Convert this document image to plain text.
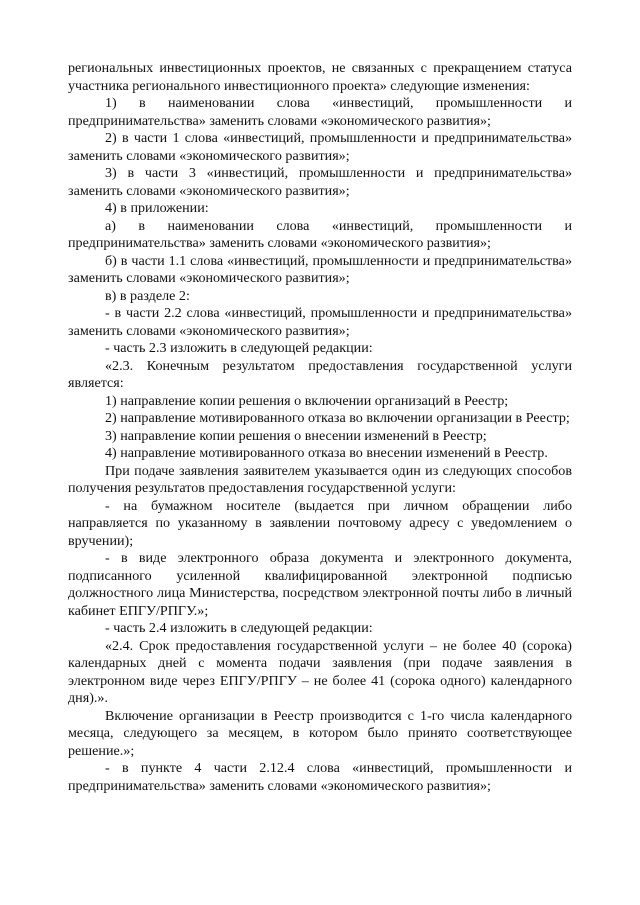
региональных инвестиционных проектов, не связанных с прекращением статуса участника регионального инвестиционного проекта» следующие изменения:

1) в наименовании слова «инвестиций, промышленности и предпринимательства» заменить словами «экономического развития»;

2) в части 1 слова «инвестиций, промышленности и предпринимательства» заменить словами «экономического развития»;

3) в части 3 «инвестиций, промышленности и предпринимательства» заменить словами «экономического развития»;

4) в приложении:

а) в наименовании слова «инвестиций, промышленности и предпринимательства» заменить словами «экономического развития»;

б) в части 1.1 слова «инвестиций, промышленности и предпринимательства» заменить словами «экономического развития»;

в) в разделе 2:

- в части 2.2 слова «инвестиций, промышленности и предпринимательства» заменить словами «экономического развития»;

- часть 2.3 изложить в следующей редакции:

«2.3. Конечным результатом предоставления государственной услуги является:

1) направление копии решения о включении организаций в Реестр;

2) направление мотивированного отказа во включении организации в Реестр;

3) направление копии решения о внесении изменений в Реестр;

4) направление мотивированного отказа во внесении изменений в Реестр.

При подаче заявления заявителем указывается один из следующих способов получения результатов предоставления государственной услуги:

- на бумажном носителе (выдается при личном обращении либо направляется по указанному в заявлении почтовому адресу с уведомлением о вручении);

- в виде электронного образа документа и электронного документа, подписанного усиленной квалифицированной электронной подписью должностного лица Министерства, посредством электронной почты либо в личный кабинет ЕПГУ/РПГУ.»;

- часть 2.4 изложить в следующей редакции:

«2.4. Срок предоставления государственной услуги – не более 40 (сорока) календарных дней с момента подачи заявления (при подаче заявления в электронном виде через ЕПГУ/РПГУ – не более 41 (сорока одного) календарного дня).».

Включение организации в Реестр производится с 1-го числа календарного месяца, следующего за месяцем, в котором было принято соответствующее решение.»;

- в пункте 4 части 2.12.4 слова «инвестиций, промышленности и предпринимательства» заменить словами «экономического развития»;
